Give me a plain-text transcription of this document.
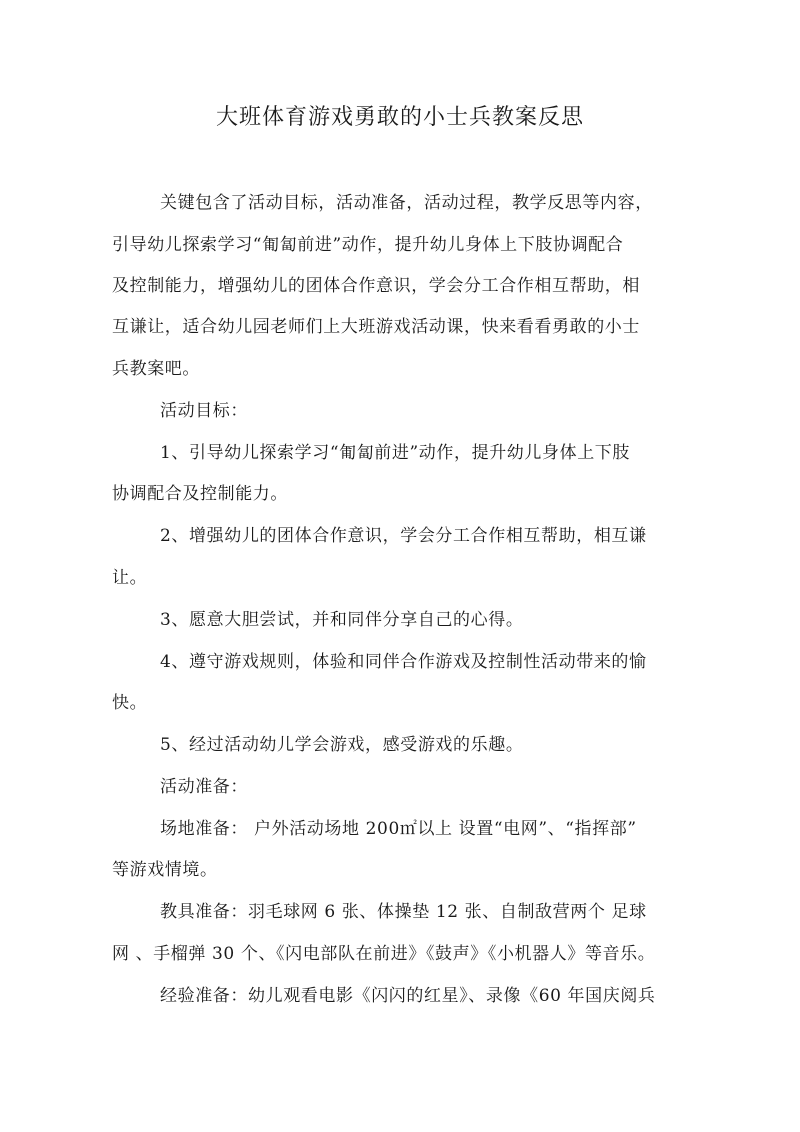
大班体育游戏勇敢的小士兵教案反思
关键包含了活动目标，活动准备，活动过程，教学反思等内容，
引导幼儿探索学习“匍匐前进”动作，提升幼儿身体上下肢协调配合
及控制能力，增强幼儿的团体合作意识，学会分工合作相互帮助，相
互谦让，适合幼儿园老师们上大班游戏活动课，快来看看勇敢的小士
兵教案吧。
活动目标：
1、引导幼儿探索学习“匍匐前进”动作，提升幼儿身体上下肢
协调配合及控制能力。
2、增强幼儿的团体合作意识，学会分工合作相互帮助，相互谦
让。
3、愿意大胆尝试，并和同伴分享自己的心得。
4、遵守游戏规则，体验和同伴合作游戏及控制性活动带来的愉
快。
5、经过活动幼儿学会游戏，感受游戏的乐趣。
活动准备：
场地准备： 户外活动场地 200㎡以上 设置“电网”、“指挥部”
等游戏情境。
教具准备：羽毛球网 6 张、体操垫 12 张、自制敌营两个 足球
网 、手榴弹 30 个、《闪电部队在前进》《鼓声》《小机器人》等音乐。
经验准备：幼儿观看电影《闪闪的红星》、录像《60 年国庆阅兵
